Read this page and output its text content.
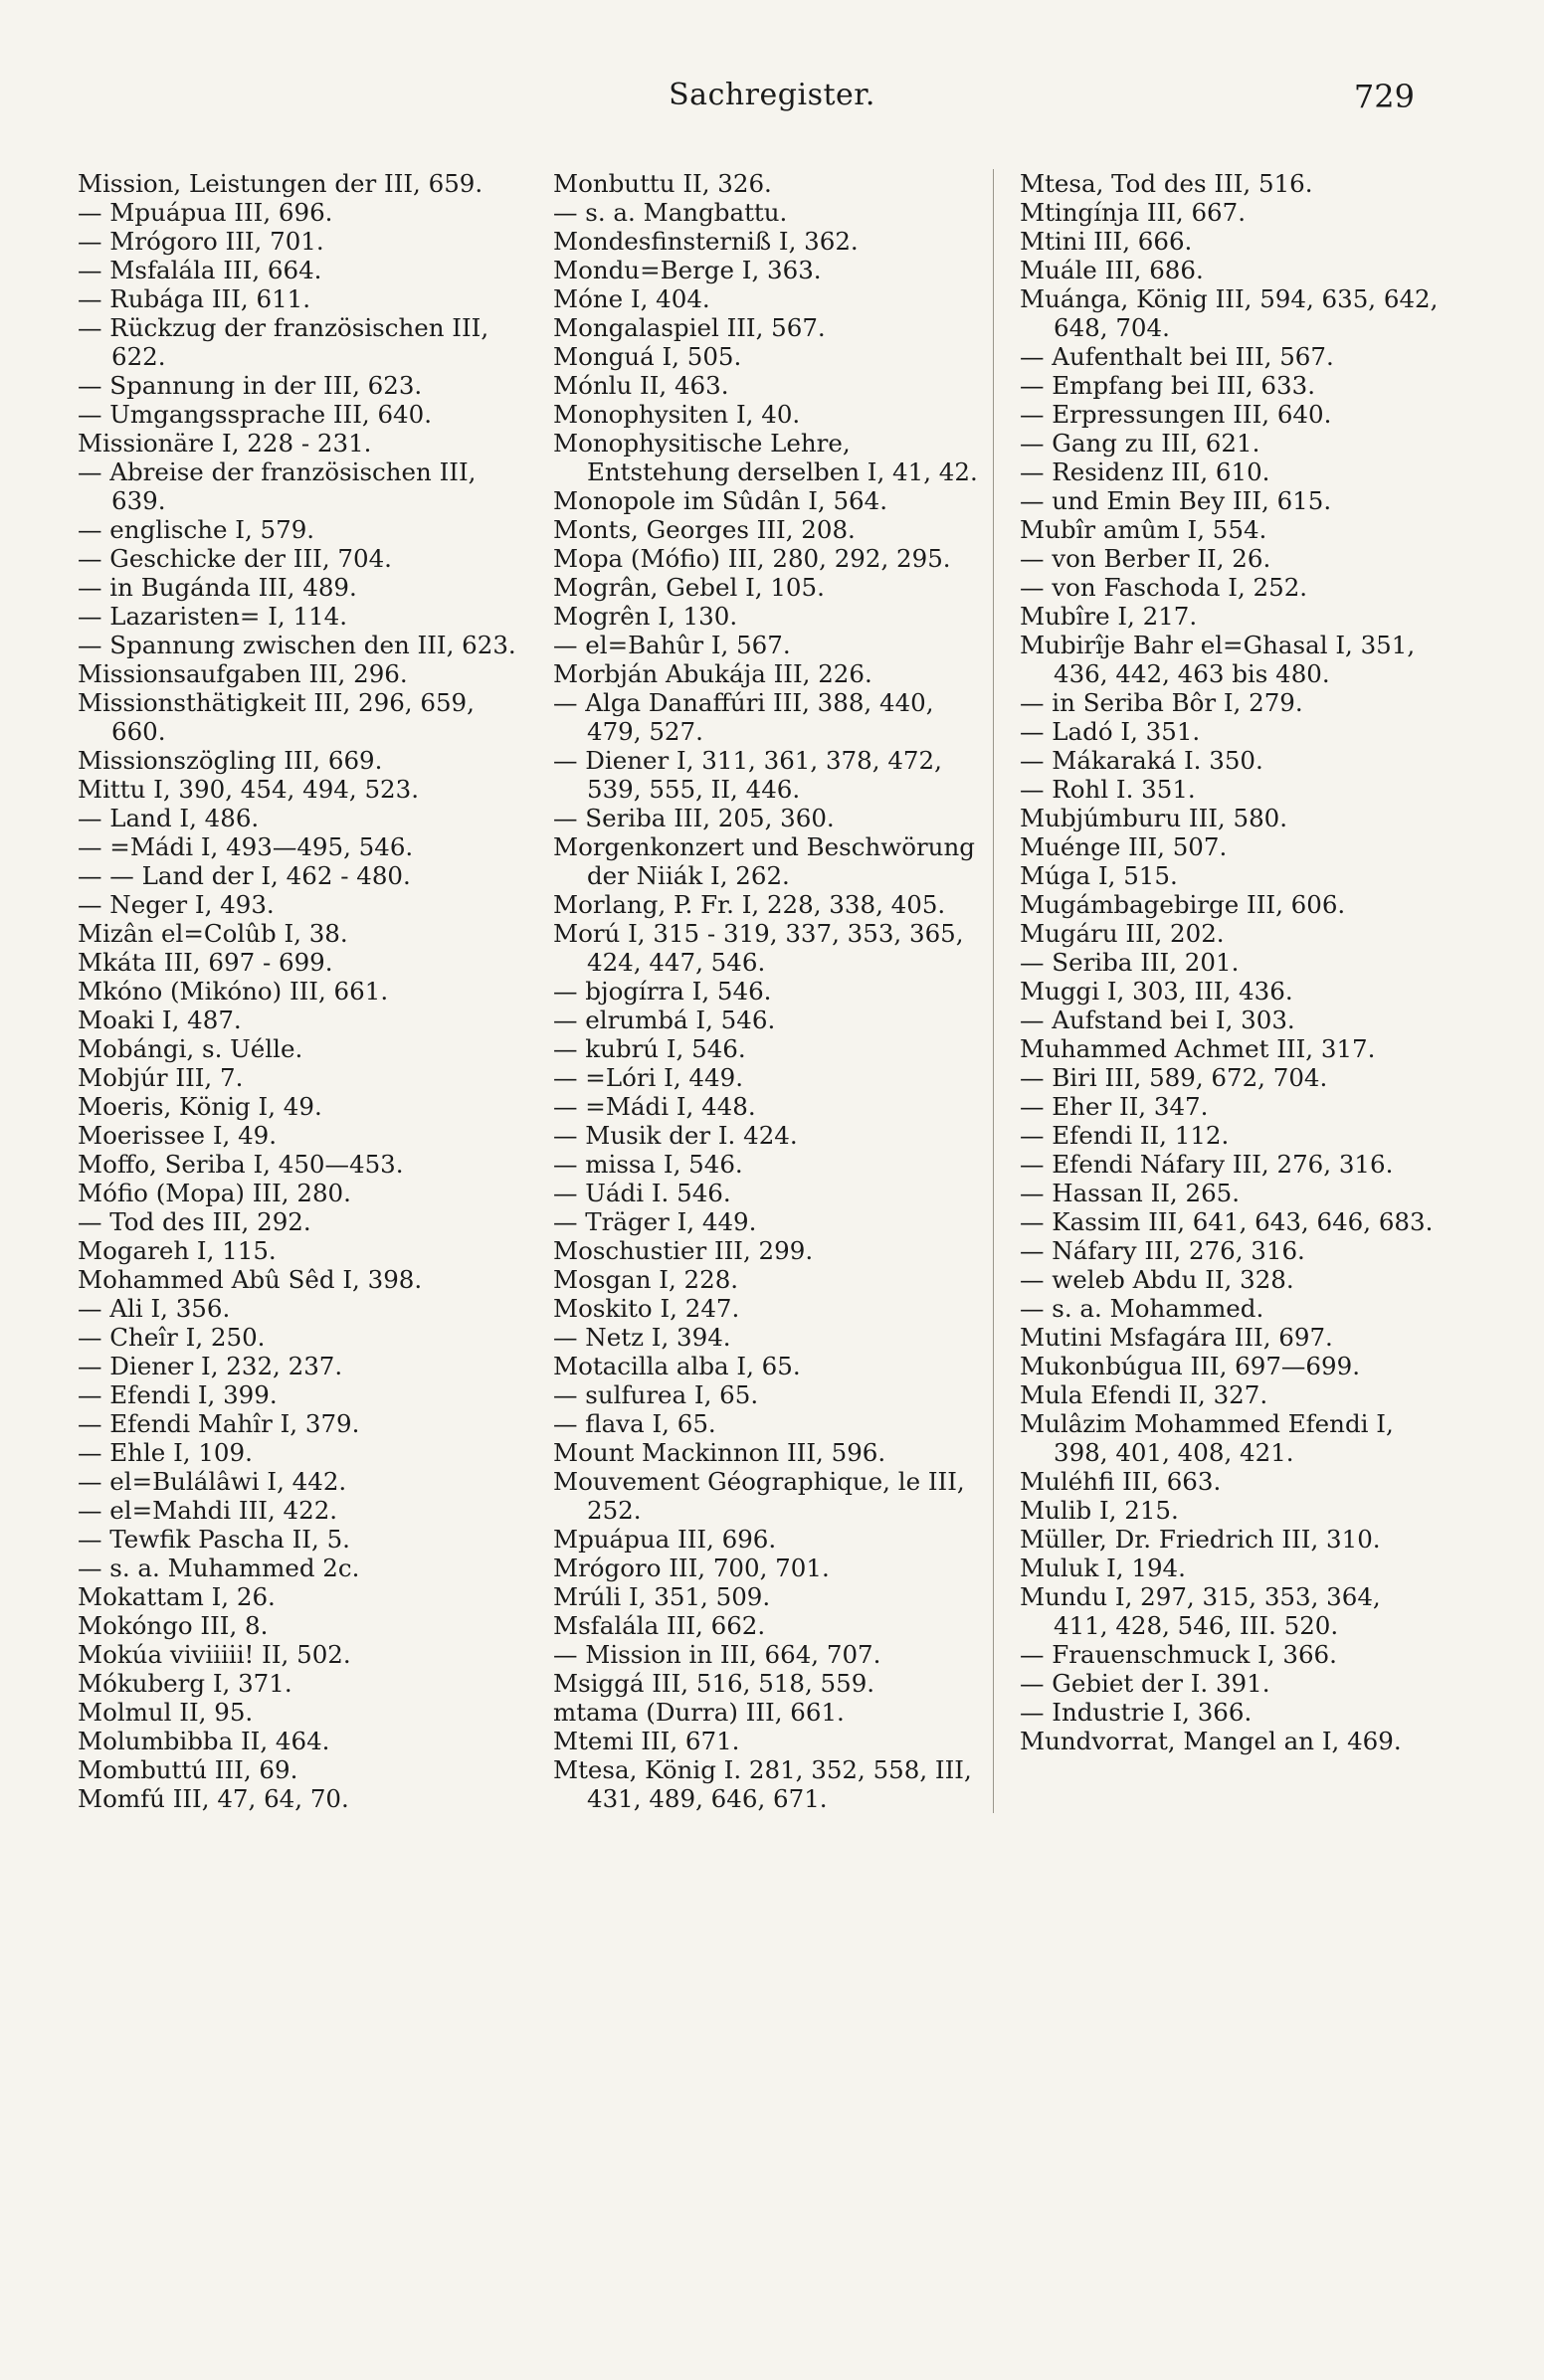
Sachregister.	729
Mission, Leistungen der III, 659.
— Mpuápua III, 696.
— Mrógoro III, 701.
— Msfalála III, 664.
— Rubága III, 611.
— Rückzug der französischen III, 622.
— Spannung in der III, 623.
— Umgangssprache III, 640.
Missionäre I, 228 - 231.
— Abreise der französischen III, 639.
— englische I, 579.
— Geschicke der III, 704.
— in Bugánda III, 489.
— Lazaristen= I, 114.
— Spannung zwischen den III, 623.
Missionsaufgaben III, 296.
Missionsthätigkeit III, 296, 659, 660.
Missionszögling III, 669.
Mittu I, 390, 454, 494, 523.
— Land I, 486.
— =Mádi I, 493—495, 546.
— — Land der I, 462 - 480.
— Neger I, 493.
Mizân el=Colûb I, 38.
Mkáta III, 697 - 699.
Mkóno (Mikóno) III, 661.
Moaki I, 487.
Mobángi, s. Uélle.
Mobjúr III, 7.
Moeris, König I, 49.
Moerissee I, 49.
Moffo, Seriba I, 450—453.
Mófio (Mopa) III, 280.
— Tod des III, 292.
Mogareh I, 115.
Mohammed Abû Sêd I, 398.
— Ali I, 356.
— Cheîr I, 250.
— Diener I, 232, 237.
— Efendi I, 399.
— Efendi Mahîr I, 379.
— Ehle I, 109.
— el=Bulálâwi I, 442.
— el=Mahdi III, 422.
— Tewfik Pascha II, 5.
— s. a. Muhammed 2c.
Mokattam I, 26.
Mokóngo III, 8.
Mokúa viviiiii! II, 502.
Mókuberg I, 371.
Molmul II, 95.
Molumbibba II, 464.
Mombuttú III, 69.
Momfú III, 47, 64, 70.
Monbuttu II, 326.
— s. a. Mangbattu.
Mondesfinsterniß I, 362.
Mondu=Berge I, 363.
Móne I, 404.
Mongalaspiel III, 567.
Monguá I, 505.
Mónlu II, 463.
Monophysiten I, 40.
Monophysitische Lehre, Entstehung derselben I, 41, 42.
Monopole im Sûdân I, 564.
Monts, Georges III, 208.
Mopa (Mófio) III, 280, 292, 295.
Mogrân, Gebel I, 105.
Mogrên I, 130.
— el=Bahûr I, 567.
Morbján Abukája III, 226.
— Alga Danaffúri III, 388, 440, 479, 527.
— Diener I, 311, 361, 378, 472, 539, 555, II, 446.
— Seriba III, 205, 360.
Morgenkonzert und Beschwörung der Niiák I, 262.
Morlang, P. Fr. I, 228, 338, 405.
Morú I, 315 - 319, 337, 353, 365, 424, 447, 546.
— bjogírra I, 546.
— elrumbá I, 546.
— kubrú I, 546.
— =Lóri I, 449.
— =Mádi I, 448.
— Musik der I. 424.
— missa I, 546.
— Uádi I. 546.
— Träger I, 449.
Moschustier III, 299.
Mosgan I, 228.
Moskito I, 247.
— Netz I, 394.
Motacilla alba I, 65.
— sulfurea I, 65.
— flava I, 65.
Mount Mackinnon III, 596.
Mouvement Géographique, le III, 252.
Mpuápua III, 696.
Mrógoro III, 700, 701.
Mrúli I, 351, 509.
Msfalála III, 662.
— Mission in III, 664, 707.
Msiggá III, 516, 518, 559.
mtama (Durra) III, 661.
Mtemi III, 671.
Mtesa, König I. 281, 352, 558, III, 431, 489, 646, 671.
Mtesa, Tod des III, 516.
Mtingínja III, 667.
Mtini III, 666.
Muále III, 686.
Muánga, König III, 594, 635, 642, 648, 704.
— Aufenthalt bei III, 567.
— Empfang bei III, 633.
— Erpressungen III, 640.
— Gang zu III, 621.
— Residenz III, 610.
— und Emin Bey III, 615.
Mubîr amûm I, 554.
— von Berber II, 26.
— von Faschoda I, 252.
Mubîre I, 217.
Mubirîje Bahr el=Ghasal I, 351, 436, 442, 463 bis 480.
— in Seriba Bôr I, 279.
— Ladó I, 351.
— Mákaraká I. 350.
— Rohl I. 351.
Mubjúmburu III, 580.
Muénge III, 507.
Múga I, 515.
Mugámbagebirge III, 606.
Mugáru III, 202.
— Seriba III, 201.
Muggi I, 303, III, 436.
— Aufstand bei I, 303.
Muhammed Achmet III, 317.
— Biri III, 589, 672, 704.
— Eher II, 347.
— Efendi II, 112.
— Efendi Náfary III, 276, 316.
— Hassan II, 265.
— Kassim III, 641, 643, 646, 683.
— Náfary III, 276, 316.
— weleb Abdu II, 328.
— s. a. Mohammed.
Mutini Msfagára III, 697.
Mukonbúgua III, 697—699.
Mula Efendi II, 327.
Mulâzim Mohammed Efendi I, 398, 401, 408, 421.
Muléhfi III, 663.
Mulib I, 215.
Müller, Dr. Friedrich III, 310.
Muluk I, 194.
Mundu I, 297, 315, 353, 364, 411, 428, 546, III. 520.
— Frauenschmuck I, 366.
— Gebiet der I. 391.
— Industrie I, 366.
Mundvorrat, Mangel an I, 469.
